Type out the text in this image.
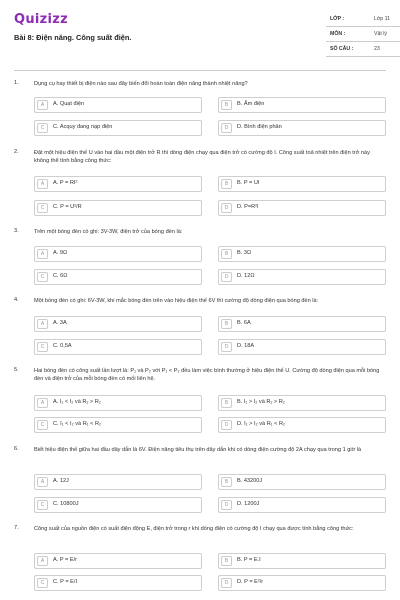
Quizizz
Bài 8: Điện năng. Công suất điện.
LỚP :	Lớp 11
MÔN :	Vật lý
SỐ CÂU :	23
1.	Dụng cụ hay thiết bị điện nào sau đây biến đổi hoàn toàn điện năng thành nhiệt năng?
A	A. Quạt điện	B	B. Ấm điện
C	C. Acquy đang nạp điện	D	D. Bình điện phân
2.	Đặt một hiệu điện thế U vào hai đầu một điện trở R thì dòng điện chạy qua điện trở có cường độ I. Công suất toả nhiệt trên điện trở này không thể tính bằng công thức:
A	A. P = RI²	B	B. P = UI
C	C. P = U²/R	D	D. P=R²I
3.	Trên một bóng đèn có ghi: 3V-3W, điện trở của bóng đèn là:
A	A. 9Ω	B	B. 3Ω
C	C. 6Ω	D	D. 12Ω
4.	Một bóng đèn có ghi: 6V-3W, khi mắc bóng đèn trên vào hiệu điện thế 6V thì cường độ dòng điện qua bóng đèn là:
A	A. 3A	B	B. 6A
C	C. 0,5A	D	D. 18A
5.	Hai bóng đèn có công suất lần lượt là: P₁ và P₂ với P₁ < P₂ đều làm việc bình thường ở hiệu điện thế U. Cường độ dòng điện qua mỗi bóng đèn và điện trở của mỗi bóng đèn có mối liên hệ.
A	A. I₁ < I₂ và R₁ > R₂	B	B. I₁ > I₂ và R₁ > R₂
C	C. I₁ < I₂ và R₁ < R₂	D	D. I₁ > I₂ và R₁ < R₂
6.	Biết hiệu điện thế giữa hai đầu dây dẫn là 6V. Điện năng tiêu thụ trên dây dẫn khi có dòng điện cường độ 2A chạy qua trong 1 giờ là
A	A. 12J	B	B. 43200J
C	C. 10800J	D	D. 1200J
7.	Công suất của nguồn điện có suất điện động E, điện trở trong r khi dòng điện có cường độ I chạy qua được tính bằng công thức:
A	A. P = E/r	B	B. P = E.I
C	C. P = E/I	D	D. P = E²/r
